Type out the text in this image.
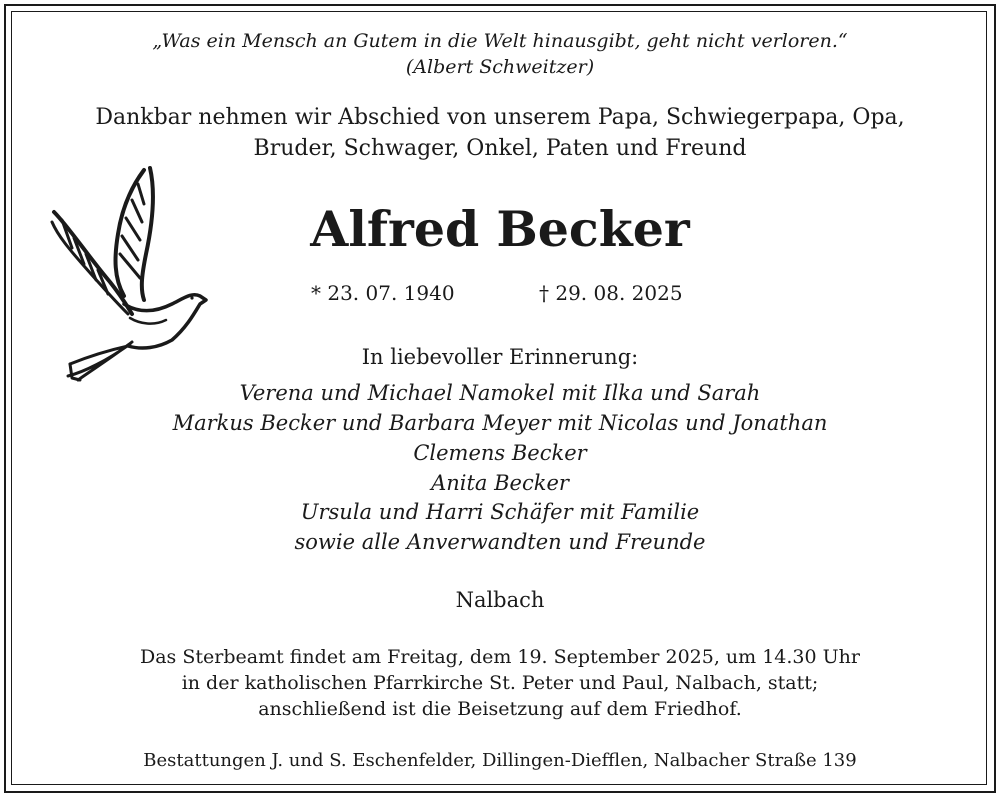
„Was ein Mensch an Gutem in die Welt hinausgibt, geht nicht verloren.“
(Albert Schweitzer)
Dankbar nehmen wir Abschied von unserem Papa, Schwiegerpapa, Opa,
Bruder, Schwager, Onkel, Paten und Freund
Alfred Becker
* 23. 07. 1940	† 29. 08. 2025
In liebevoller Erinnerung:
Verena und Michael Namokel mit Ilka und Sarah
Markus Becker und Barbara Meyer mit Nicolas und Jonathan
Clemens Becker
Anita Becker
Ursula und Harri Schäfer mit Familie
sowie alle Anverwandten und Freunde
Nalbach
Das Sterbeamt findet am Freitag, dem 19. September 2025, um 14.30 Uhr
in der katholischen Pfarrkirche St. Peter und Paul, Nalbach, statt;
anschließend ist die Beisetzung auf dem Friedhof.
Bestattungen J. und S. Eschenfelder, Dillingen-Diefflen, Nalbacher Straße 139
